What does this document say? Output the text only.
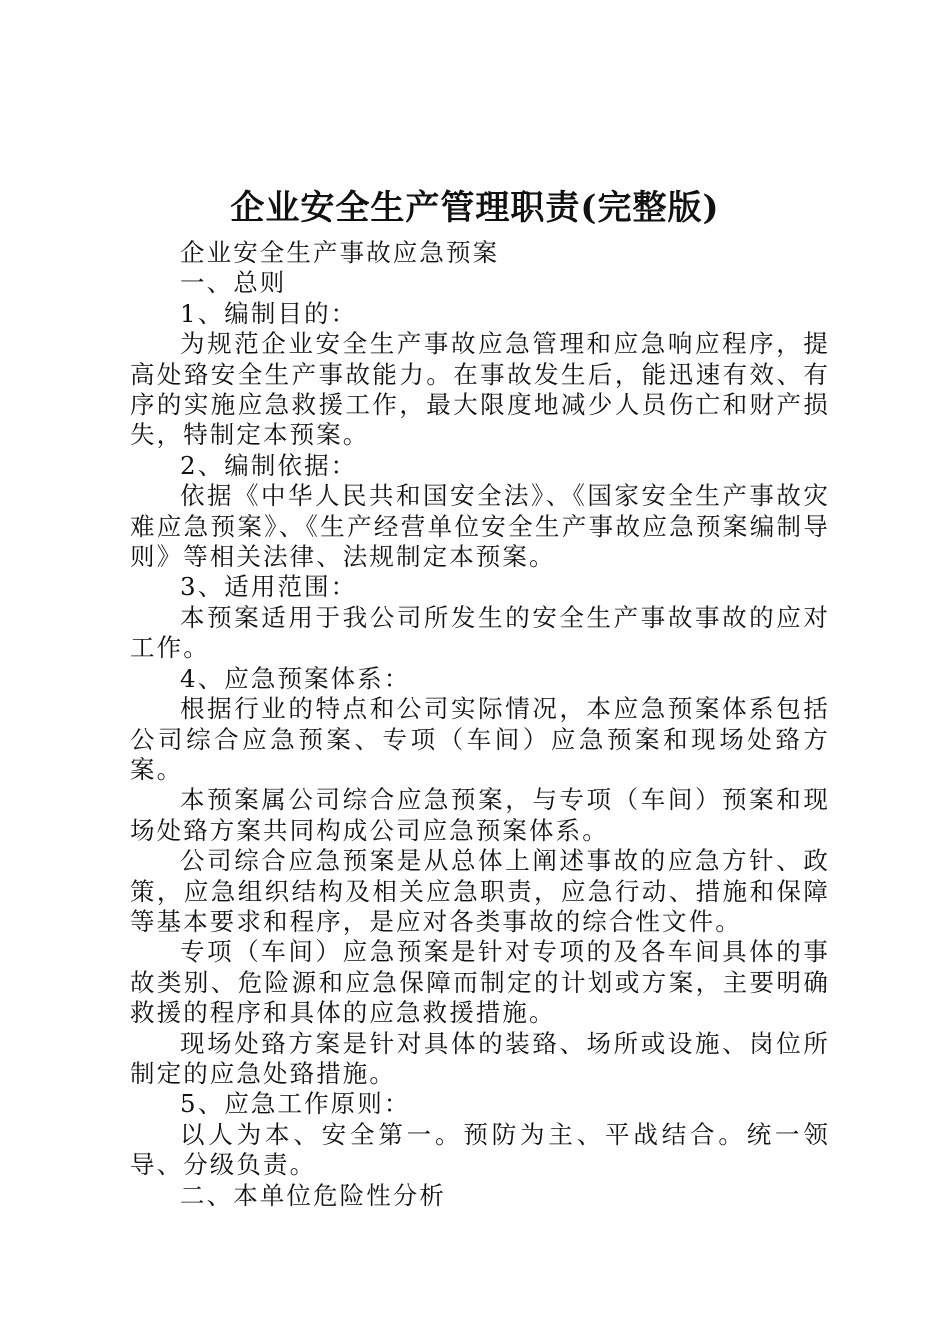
企业安全生产管理职责(完整版)

企业安全生产事故应急预案

一、总则

1、编制目的：

为规范企业安全生产事故应急管理和应急响应程序，提高处臵安全生产事故能力。在事故发生后，能迅速有效、有序的实施应急救援工作，最大限度地减少人员伤亡和财产损失，特制定本预案。

2、编制依据：

依据《中华人民共和国安全法》、《国家安全生产事故灾难应急预案》、《生产经营单位安全生产事故应急预案编制导则》等相关法律、法规制定本预案。

3、适用范围：

本预案适用于我公司所发生的安全生产事故事故的应对工作。

4、应急预案体系：

根据行业的特点和公司实际情况，本应急预案体系包括公司综合应急预案、专项（车间）应急预案和现场处臵方案。

本预案属公司综合应急预案，与专项（车间）预案和现场处臵方案共同构成公司应急预案体系。

公司综合应急预案是从总体上阐述事故的应急方针、政策，应急组织结构及相关应急职责，应急行动、措施和保障等基本要求和程序，是应对各类事故的综合性文件。

专项（车间）应急预案是针对专项的及各车间具体的事故类别、危险源和应急保障而制定的计划或方案，主要明确救援的程序和具体的应急救援措施。

现场处臵方案是针对具体的装臵、场所或设施、岗位所制定的应急处臵措施。

5、应急工作原则：

以人为本、安全第一。预防为主、平战结合。统一领导、分级负责。

二、本单位危险性分析
